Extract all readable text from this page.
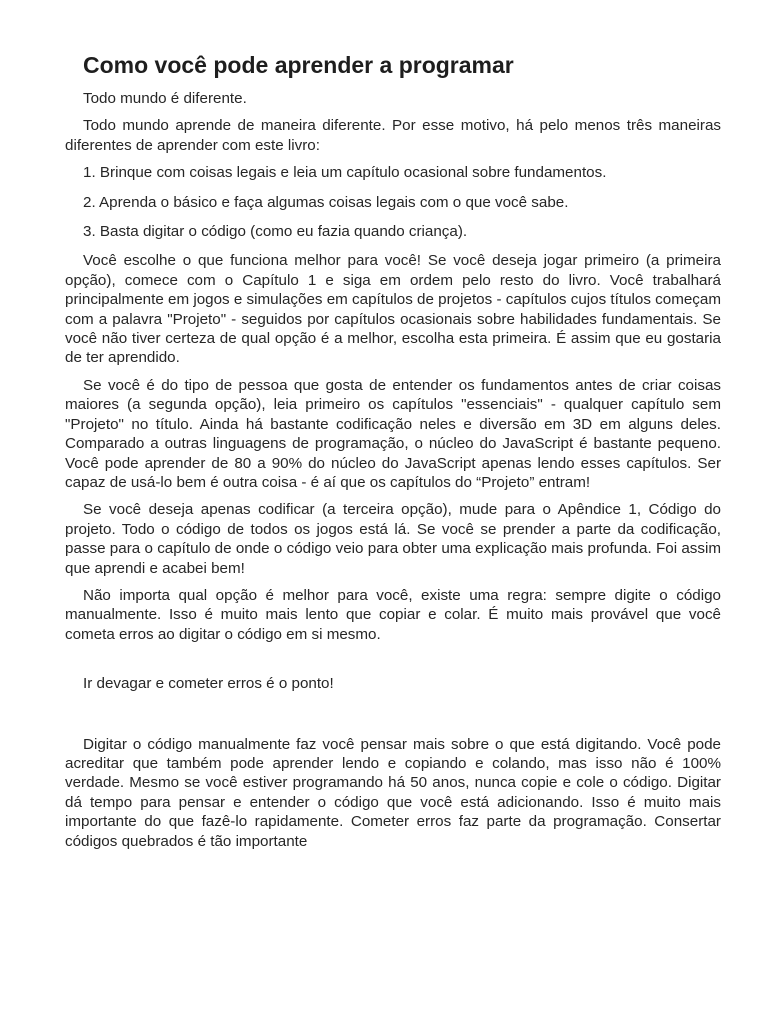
Como você pode aprender a programar

Todo mundo é diferente.

Todo mundo aprende de maneira diferente. Por esse motivo, há pelo menos três maneiras diferentes de aprender com este livro:

1. Brinque com coisas legais e leia um capítulo ocasional sobre fundamentos.

2. Aprenda o básico e faça algumas coisas legais com o que você sabe.

3. Basta digitar o código (como eu fazia quando criança).

Você escolhe o que funciona melhor para você! Se você deseja jogar primeiro (a primeira opção), comece com o Capítulo 1 e siga em ordem pelo resto do livro. Você trabalhará principalmente em jogos e simulações em capítulos de projetos - capítulos cujos títulos começam com a palavra "Projeto" - seguidos por capítulos ocasionais sobre habilidades fundamentais. Se você não tiver certeza de qual opção é a melhor, escolha esta primeira. É assim que eu gostaria de ter aprendido.

Se você é do tipo de pessoa que gosta de entender os fundamentos antes de criar coisas maiores (a segunda opção), leia primeiro os capítulos "essenciais" - qualquer capítulo sem "Projeto" no título. Ainda há bastante codificação neles e diversão em 3D em alguns deles. Comparado a outras linguagens de programação, o núcleo do JavaScript é bastante pequeno. Você pode aprender de 80 a 90% do núcleo do JavaScript apenas lendo esses capítulos. Ser capaz de usá-lo bem é outra coisa - é aí que os capítulos do “Projeto” entram!

Se você deseja apenas codificar (a terceira opção), mude para o Apêndice 1, Código do projeto. Todo o código de todos os jogos está lá. Se você se prender a parte da codificação, passe para o capítulo de onde o código veio para obter uma explicação mais profunda. Foi assim que aprendi e acabei bem!

Não importa qual opção é melhor para você, existe uma regra: sempre digite o código manualmente. Isso é muito mais lento que copiar e colar. É muito mais provável que você cometa erros ao digitar o código em si mesmo.

Ir devagar e cometer erros é o ponto!

Digitar o código manualmente faz você pensar mais sobre o que está digitando. Você pode acreditar que também pode aprender lendo e copiando e colando, mas isso não é 100% verdade. Mesmo se você estiver programando há 50 anos, nunca copie e cole o código. Digitar dá tempo para pensar e entender o código que você está adicionando. Isso é muito mais importante do que fazê-lo rapidamente. Cometer erros faz parte da programação. Consertar códigos quebrados é tão importante
